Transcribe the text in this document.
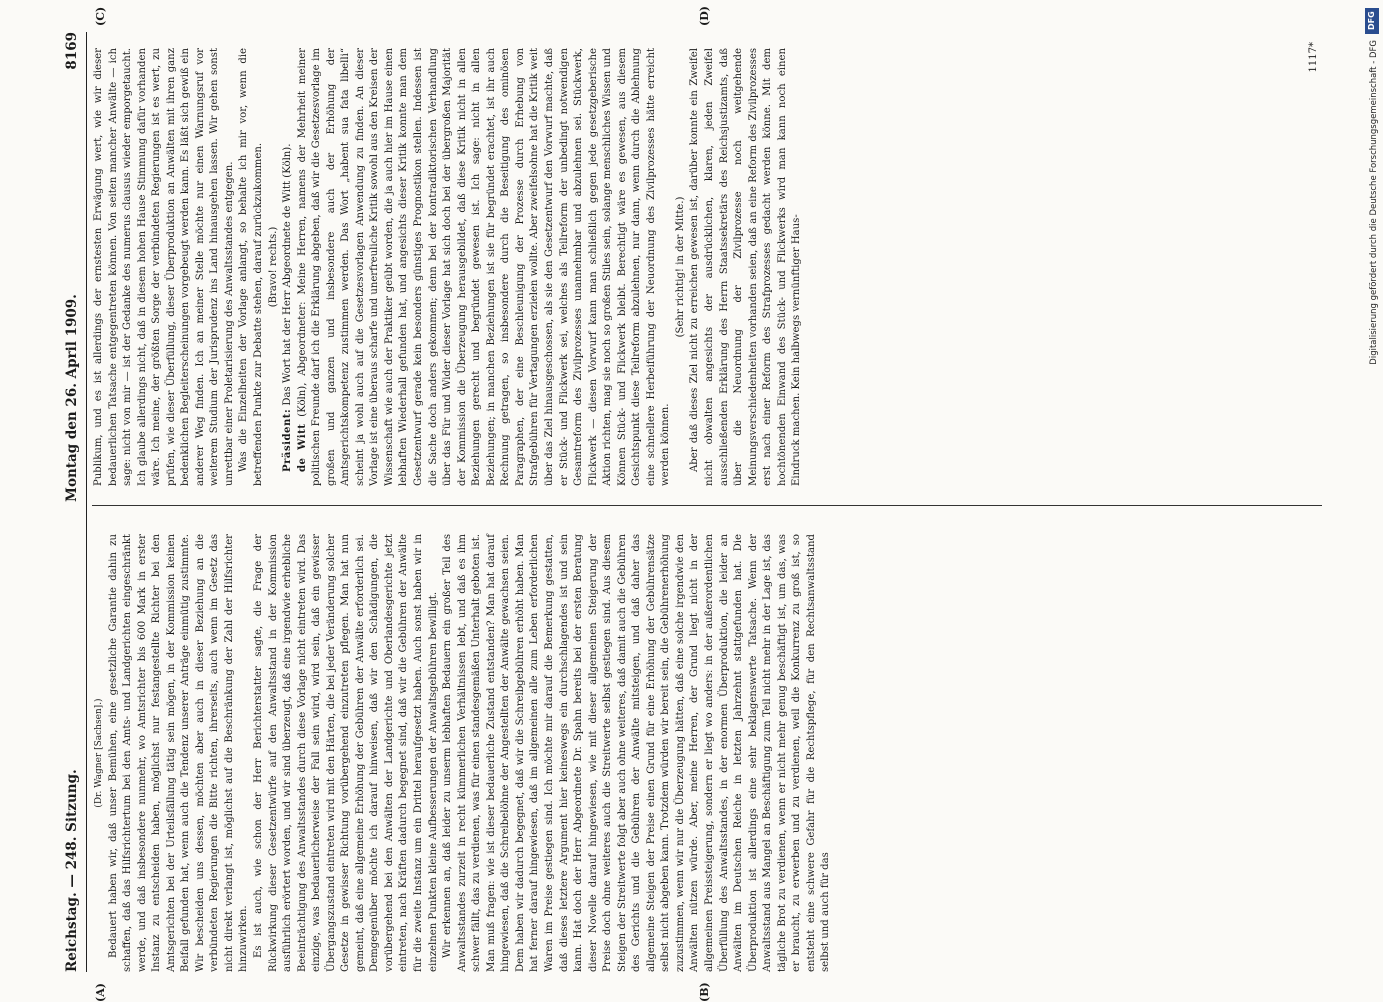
Reichstag. — 248. Sitzung.
Montag den 26. April 1909.
8169

(Dr. Wagner [Sachsen].) Bedauert haben wir, daß unser Bemühen, eine gesetzliche Garantie dahin zu schaffen, daß das Hilfsrichtertum bei den Amts- und Landgerichten eingeschränkt werde, und daß insbesondere nunmehr, wo Amtsrichter bis 600 Mark in erster Instanz zu entscheiden haben, möglichst nur festangestellte Richter bei den Amtsgerichten bei der Urteilsfällung tätig sein mögen, in der Kommission keinen Beifall gefunden hat, wenn auch die Tendenz unserer Anträge einmütig zustimmte. Wir bescheiden uns dessen, möchten aber auch in dieser Beziehung an die verbündeten Regierungen die Bitte richten, ihrerseits, auch wenn im Gesetz das nicht direkt verlangt ist, möglichst auf die Beschränkung der Zahl der Hilfsrichter hinzuwirken. Es ist auch, wie schon der Herr Berichterstatter sagte, die Frage der Rückwirkung dieser Gesetzentwürfe auf den Anwaltsstand in der Kommission ausführlich erörtert worden, und wir sind überzeugt, daß eine irgendwie erhebliche Beeinträchtigung des Anwaltsstandes durch diese Vorlage nicht eintreten wird. Das einzige, was bedauerlicherweise der Fall sein wird, wird sein, daß ein gewisser Übergangszustand eintreten wird mit den Härten, die bei jeder Veränderung solcher Gesetze in gewisser Richtung vorübergehend einzutreten pflegen. Man hat nun gemeint, daß eine allgemeine Erhöhung der Gebühren der Anwälte erforderlich sei. Demgegenüber möchte ich darauf hinweisen, daß wir den Schädigungen, die vorübergehend bei den Anwälten der Landgerichte und Oberlandesgerichte jetzt eintreten, nach Kräften dadurch begegnet sind, daß wir die Gebühren der Anwälte für die zweite Instanz um ein Drittel heraufgesetzt haben. Auch sonst haben wir in einzelnen Punkten kleine Aufbesserungen der Anwaltsgebühren bewilligt. Wir erkennen an, daß leider zu unserm lebhaften Bedauern ein großer Teil des Anwaltsstandes zurzeit in recht kümmerlichen Verhältnissen lebt, und daß es ihm schwer fällt, das zu verdienen, was für einen standesgemäßen Unterhalt geboten ist. Man muß fragen: wie ist dieser bedauerliche Zustand entstanden? Man hat darauf hingewiesen, daß die Schreibelöhne der Angestellten der Anwälte gewachsen seien. Dem haben wir dadurch begegnet, daß wir die Schreibgebühren erhöht haben. Man hat ferner darauf hingewiesen, daß im allgemeinen alle zum Leben erforderlichen Waren im Preise gestiegen sind. Ich möchte mir darauf die Bemerkung gestatten, daß dieses letztere Argument hier keineswegs ein durchschlagendes ist und sein kann. Hat doch der Herr Abgeordnete Dr. Spahn bereits bei der ersten Beratung dieser Novelle darauf hingewiesen, wie mit dieser allgemeinen Steigerung der Preise doch ohne weiteres auch die Streitwerte selbst gestiegen sind. Aus diesem Steigen der Streitwerte folgt aber auch ohne weiteres, daß damit auch die Gebühren des Gerichts und die Gebühren der Anwälte mitsteigen, und daß daher das allgemeine Steigen der Preise einen Grund für eine Erhöhung der Gebührensätze selbst nicht abgeben kann. Trotzdem würden wir bereit sein, die Gebührenerhöhung zuzustimmen, wenn wir nur die Überzeugung hätten, daß eine solche irgendwie den Anwälten nützen würde. Aber, meine Herren, der Grund liegt nicht in der allgemeinen Preissteigerung, sondern er liegt wo anders: in der außerordentlichen Überfüllung des Anwaltsstandes, in der enormen Überproduktion, die leider an Anwälten im Deutschen Reiche in letzten Jahrzehnt stattgefunden hat. Die Überproduktion ist allerdings eine sehr beklagenswerte Tatsache. Wenn der Anwaltsstand aus Mangel an Beschäftigung zum Teil nicht mehr in der Lage ist, das tägliche Brot zu verdienen, wenn er nicht mehr genug beschäftigt ist, um das, was er braucht, zu erwerben und zu verdienen, weil die Konkurrenz zu groß ist, so entsteht eine schwere Gefahr für die Rechtspflege, für den Rechtsanwaltsstand selbst und auch für das

Publikum, und es ist allerdings der ernstesten Erwägung wert, wie wir dieser bedauerlichen Tatsache entgegentreten können. Von seiten mancher Anwälte — ich sage: nicht von mir — ist der Gedanke des numerus clausus wieder emporgetaucht. Ich glaube allerdings nicht, daß in diesem hohen Hause Stimmung dafür vorhanden wäre. Ich meine, der größten Sorge der verbündeten Regierungen ist es wert, zu prüfen, wie dieser Überfüllung, dieser Überproduktion an Anwälten mit ihren ganz bedenklichen Begleiterscheinungen vorgebeugt werden kann. Es läßt sich gewiß ein anderer Weg finden. Ich an meiner Stelle möchte nur einen Warnungsruf vor weiterem Studium der Jurisprudenz ins Land hinausgehen lassen. Wir gehen sonst unrettbar einer Proletarisierung des Anwaltsstandes entgegen. Was die Einzelheiten der Vorlage anlangt, so behalte ich mir vor, wenn die betreffenden Punkte zur Debatte stehen, darauf zurückzukommen. (Bravo! rechts.)

Präsident: Das Wort hat der Herr Abgeordnete de Witt (Köln).

de Witt (Köln), Abgeordneter: Meine Herren, namens der Mehrheit meiner politischen Freunde darf ich die Erklärung abgeben, daß wir die Gesetzesvorlage im großen und ganzen und insbesondere auch der Erhöhung der Amtsgerichtskompetenz zustimmen werden. Das Wort „habent sua fata libelli“ scheint ja wohl auch auf die Gesetzesvorlagen Anwendung zu finden. An dieser Vorlage ist eine überaus scharfe und unerfreuliche Kritik sowohl aus den Kreisen der Wissenschaft wie auch der Praktiker geübt worden, die ja auch hier im Hause einen lebhaften Wiederhall gefunden hat, und angesichts dieser Kritik konnte man dem Gesetzentwurf gerade kein besonders günstiges Prognostikon stellen. Indessen ist die Sache doch anders gekommen; denn bei der kontradiktorischen Verhandlung über das Für und Wider dieser Vorlage hat sich doch bei der übergroßen Majorität der Kommission die Überzeugung herausgebildet, daß diese Kritik nicht in allen Beziehungen gerecht und begründet gewesen ist. Ich sage: nicht in allen Beziehungen; in manchen Beziehungen ist sie für begründet erachtet, ist ihr auch Rechnung getragen, so insbesondere durch die Beseitigung des ominösen Paragraphen, der eine Beschleunigung der Prozesse durch Erhebung von Strafgebühren für Vertagungen erzielen wollte. Aber zweifelsohne hat die Kritik weit über das Ziel hinausgeschossen, als sie den Gesetzentwurf den Vorwurf machte, daß er Stück- und Flickwerk sei, welches als Teilreform der unbedingt notwendigen Gesamtreform des Zivilprozesses unannehmbar und abzulehnen sei. Stückwerk, Flickwerk — diesen Vorwurf kann man schließlich gegen jede gesetzgeberische Aktion richten, mag sie noch so großen Stiles sein, solange menschliches Wissen und Können Stück- und Flickwerk bleibt. Berechtigt wäre es gewesen, aus diesem Gesichtspunkt diese Teilreform abzulehnen, nur dann, wenn durch die Ablehnung eine schnellere Herbeiführung der Neuordnung des Zivilprozesses hätte erreicht werden können.

(Sehr richtig! in der Mitte.) Aber daß dieses Ziel nicht zu erreichen gewesen ist, darüber konnte ein Zweifel nicht obwalten angesichts der ausdrücklichen, klaren, jeden Zweifel ausschließenden Erklärung des Herrn Staatssekretärs des Reichsjustizamts, daß über die Neuordnung der Zivilprozesse noch weitgehende Meinungsverschiedenheiten vorhanden seien, daß an eine Reform des Zivilprozesses erst nach einer Reform des Strafprozesses gedacht werden könne. Mit dem hochtönenden Einwand des Stück- und Flickwerks wird man kann noch einen Eindruck machen. Kein halbwegs vernünftiger Haus-

(A)	(B)
(C)	(D)
1117*
DFG
Digitalisierung gefördert durch die Deutsche Forschungsgemeinschaft - DFG
